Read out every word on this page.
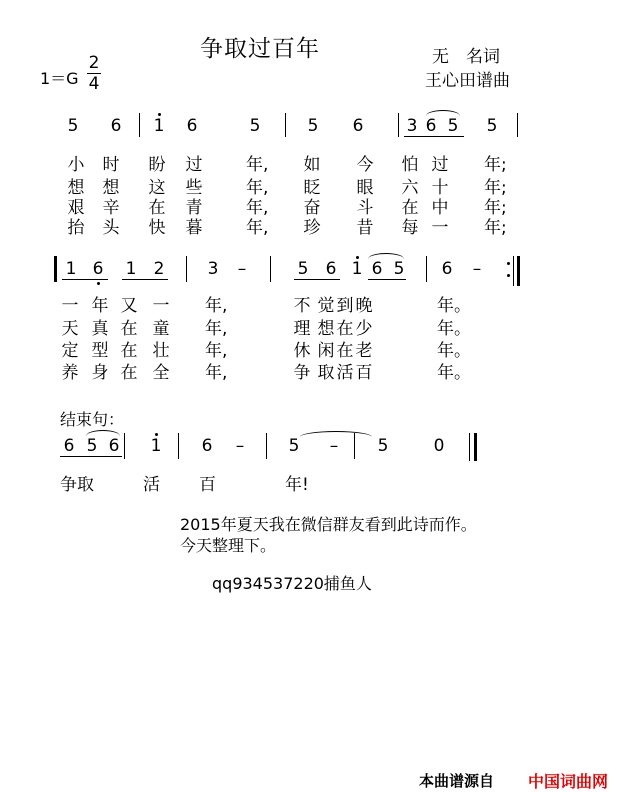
争取过百年	无　名词
王心田谱曲
1＝G
2
4
5 6 1 6	5	5 6	3 6 5 5
小 时 盼 过	年,	如 今 怕 过 年;
想 想 这 些	年,	眨 眼 六 十 年;
艰 辛 在 青	年,	奋 斗 在 中 年;
抬 头 快 暮	年,	珍 昔 每 一 年;
1 6 1 2	3 –	5 6 1 6 5 6 –
一 年 又 一 年,	不 觉 到 晚	年。
天 真 在 童 年,	理 想 在 少	年。
定 型 在 壮 年,	休 闲 在 老	年。
养 身 在 全 年,	争 取 活 百	年。
结束句：
6 5 6 1 6 –	5 – 5	0
争取	活 百	年!
2015年夏天我在微信群友看到此诗而作。
今天整理下。
qq934537220捕鱼人
本曲谱源自 中国词曲网
